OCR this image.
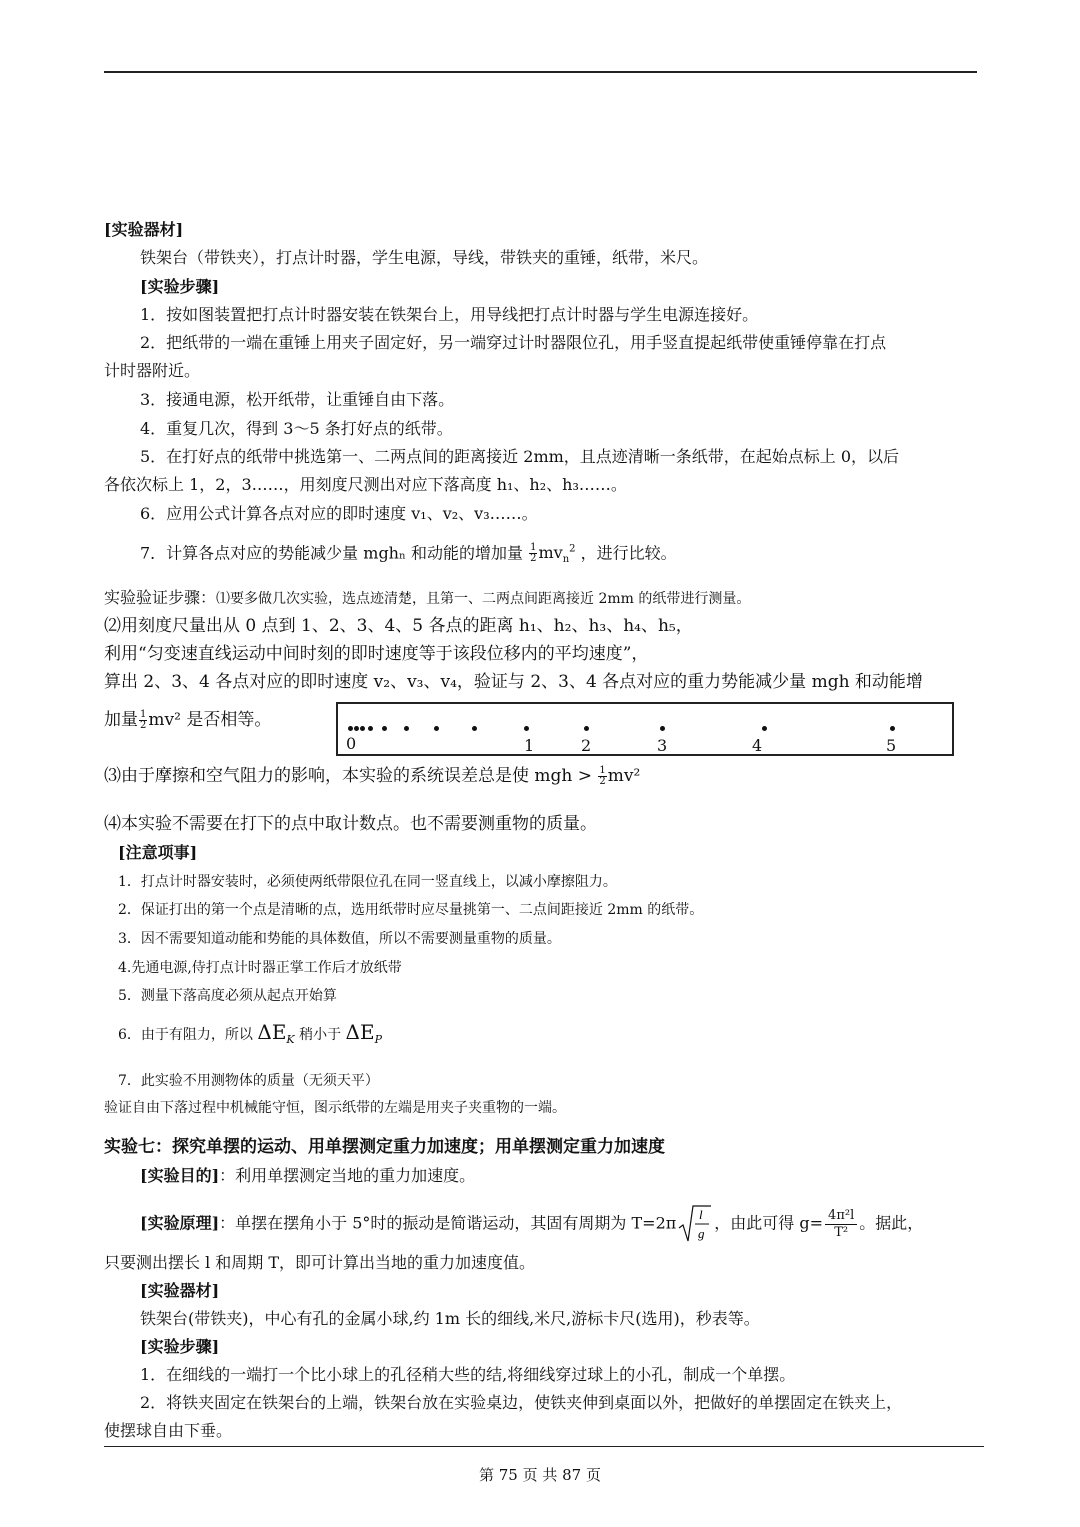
[实验器材]
铁架台（带铁夹），打点计时器，学生电源，导线，带铁夹的重锤，纸带，米尺。
[实验步骤]
1．按如图装置把打点计时器安装在铁架台上，用导线把打点计时器与学生电源连接好。
2．把纸带的一端在重锤上用夹子固定好，另一端穿过计时器限位孔，用手竖直提起纸带使重锤停靠在打点
计时器附近。
3．接通电源，松开纸带，让重锤自由下落。
4．重复几次，得到 3～5 条打好点的纸带。
5．在打好点的纸带中挑选第一、二两点间的距离接近 2mm，且点迹清晰一条纸带，在起始点标上 0，以后
各依次标上 1，2，3……，用刻度尺测出对应下落高度 h₁、h₂、h₃……。
6．应用公式计算各点对应的即时速度 v₁、v₂、v₃……。
7．计算各点对应的势能减少量 mghₙ 和动能的增加量 $\frac{1}{2} mv_n^2$ ，进行比较。
实验验证步骤：⑴要多做几次实验，选点迹清楚，且第一、二两点间距离接近 2mm 的纸带进行测量。
⑵用刻度尺量出从 0 点到 1、2、3、4、5 各点的距离 h₁、h₂、h₃、h₄、h₅，
利用“匀变速直线运动中间时刻的即时速度等于该段位移内的平均速度”，
算出 2、3、4 各点对应的即时速度 v₂、v₃、v₄，验证与 2、3、4 各点对应的重力势能减少量 mgh 和动能增
加量 $\frac{1}{2} mv^2$ 是否相等。
0	1	2	3	4	5
⑶由于摩擦和空气阻力的影响，本实验的系统误差总是使 mgh > $\frac{1}{2} mv^2$
⑷本实验不需要在打下的点中取计数点。也不需要测重物的质量。
[注意项事]
1．打点计时器安装时，必须使两纸带限位孔在同一竖直线上，以减小摩擦阻力。
2．保证打出的第一个点是清晰的点，选用纸带时应尽量挑第一、二点间距接近 2mm 的纸带。
3．因不需要知道动能和势能的具体数值，所以不需要测量重物的质量。
4.先通电源,侍打点计时器正掌工作后才放纸带
5．测量下落高度必须从起点开始算
6．由于有阻力，所以 $\Delta E_K$ 稍小于 $\Delta E_P$
7．此实验不用测物体的质量（无须天平）
验证自由下落过程中机械能守恒，图示纸带的左端是用夹子夹重物的一端。
实验七：探究单摆的运动、用单摆测定重力加速度；用单摆测定重力加速度
[实验目的]：利用单摆测定当地的重力加速度。
[实验原理]：单摆在摆角小于 5°时的振动是简谐运动，其固有周期为 T=2π l
g
，由此可得 $g= \frac{\text{4π²l}}{\text{T²}}$ 。据此，
只要测出摆长 l 和周期 T，即可计算出当地的重力加速度值。
[实验器材]
铁架台(带铁夹)，中心有孔的金属小球,约 1m 长的细线,米尺,游标卡尺(选用)，秒表等。
[实验步骤]
1．在细线的一端打一个比小球上的孔径稍大些的结,将细线穿过球上的小孔，制成一个单摆。
2．将铁夹固定在铁架台的上端，铁架台放在实验桌边，使铁夹伸到桌面以外，把做好的单摆固定在铁夹上，
使摆球自由下垂。
第 75 页 共 87 页
